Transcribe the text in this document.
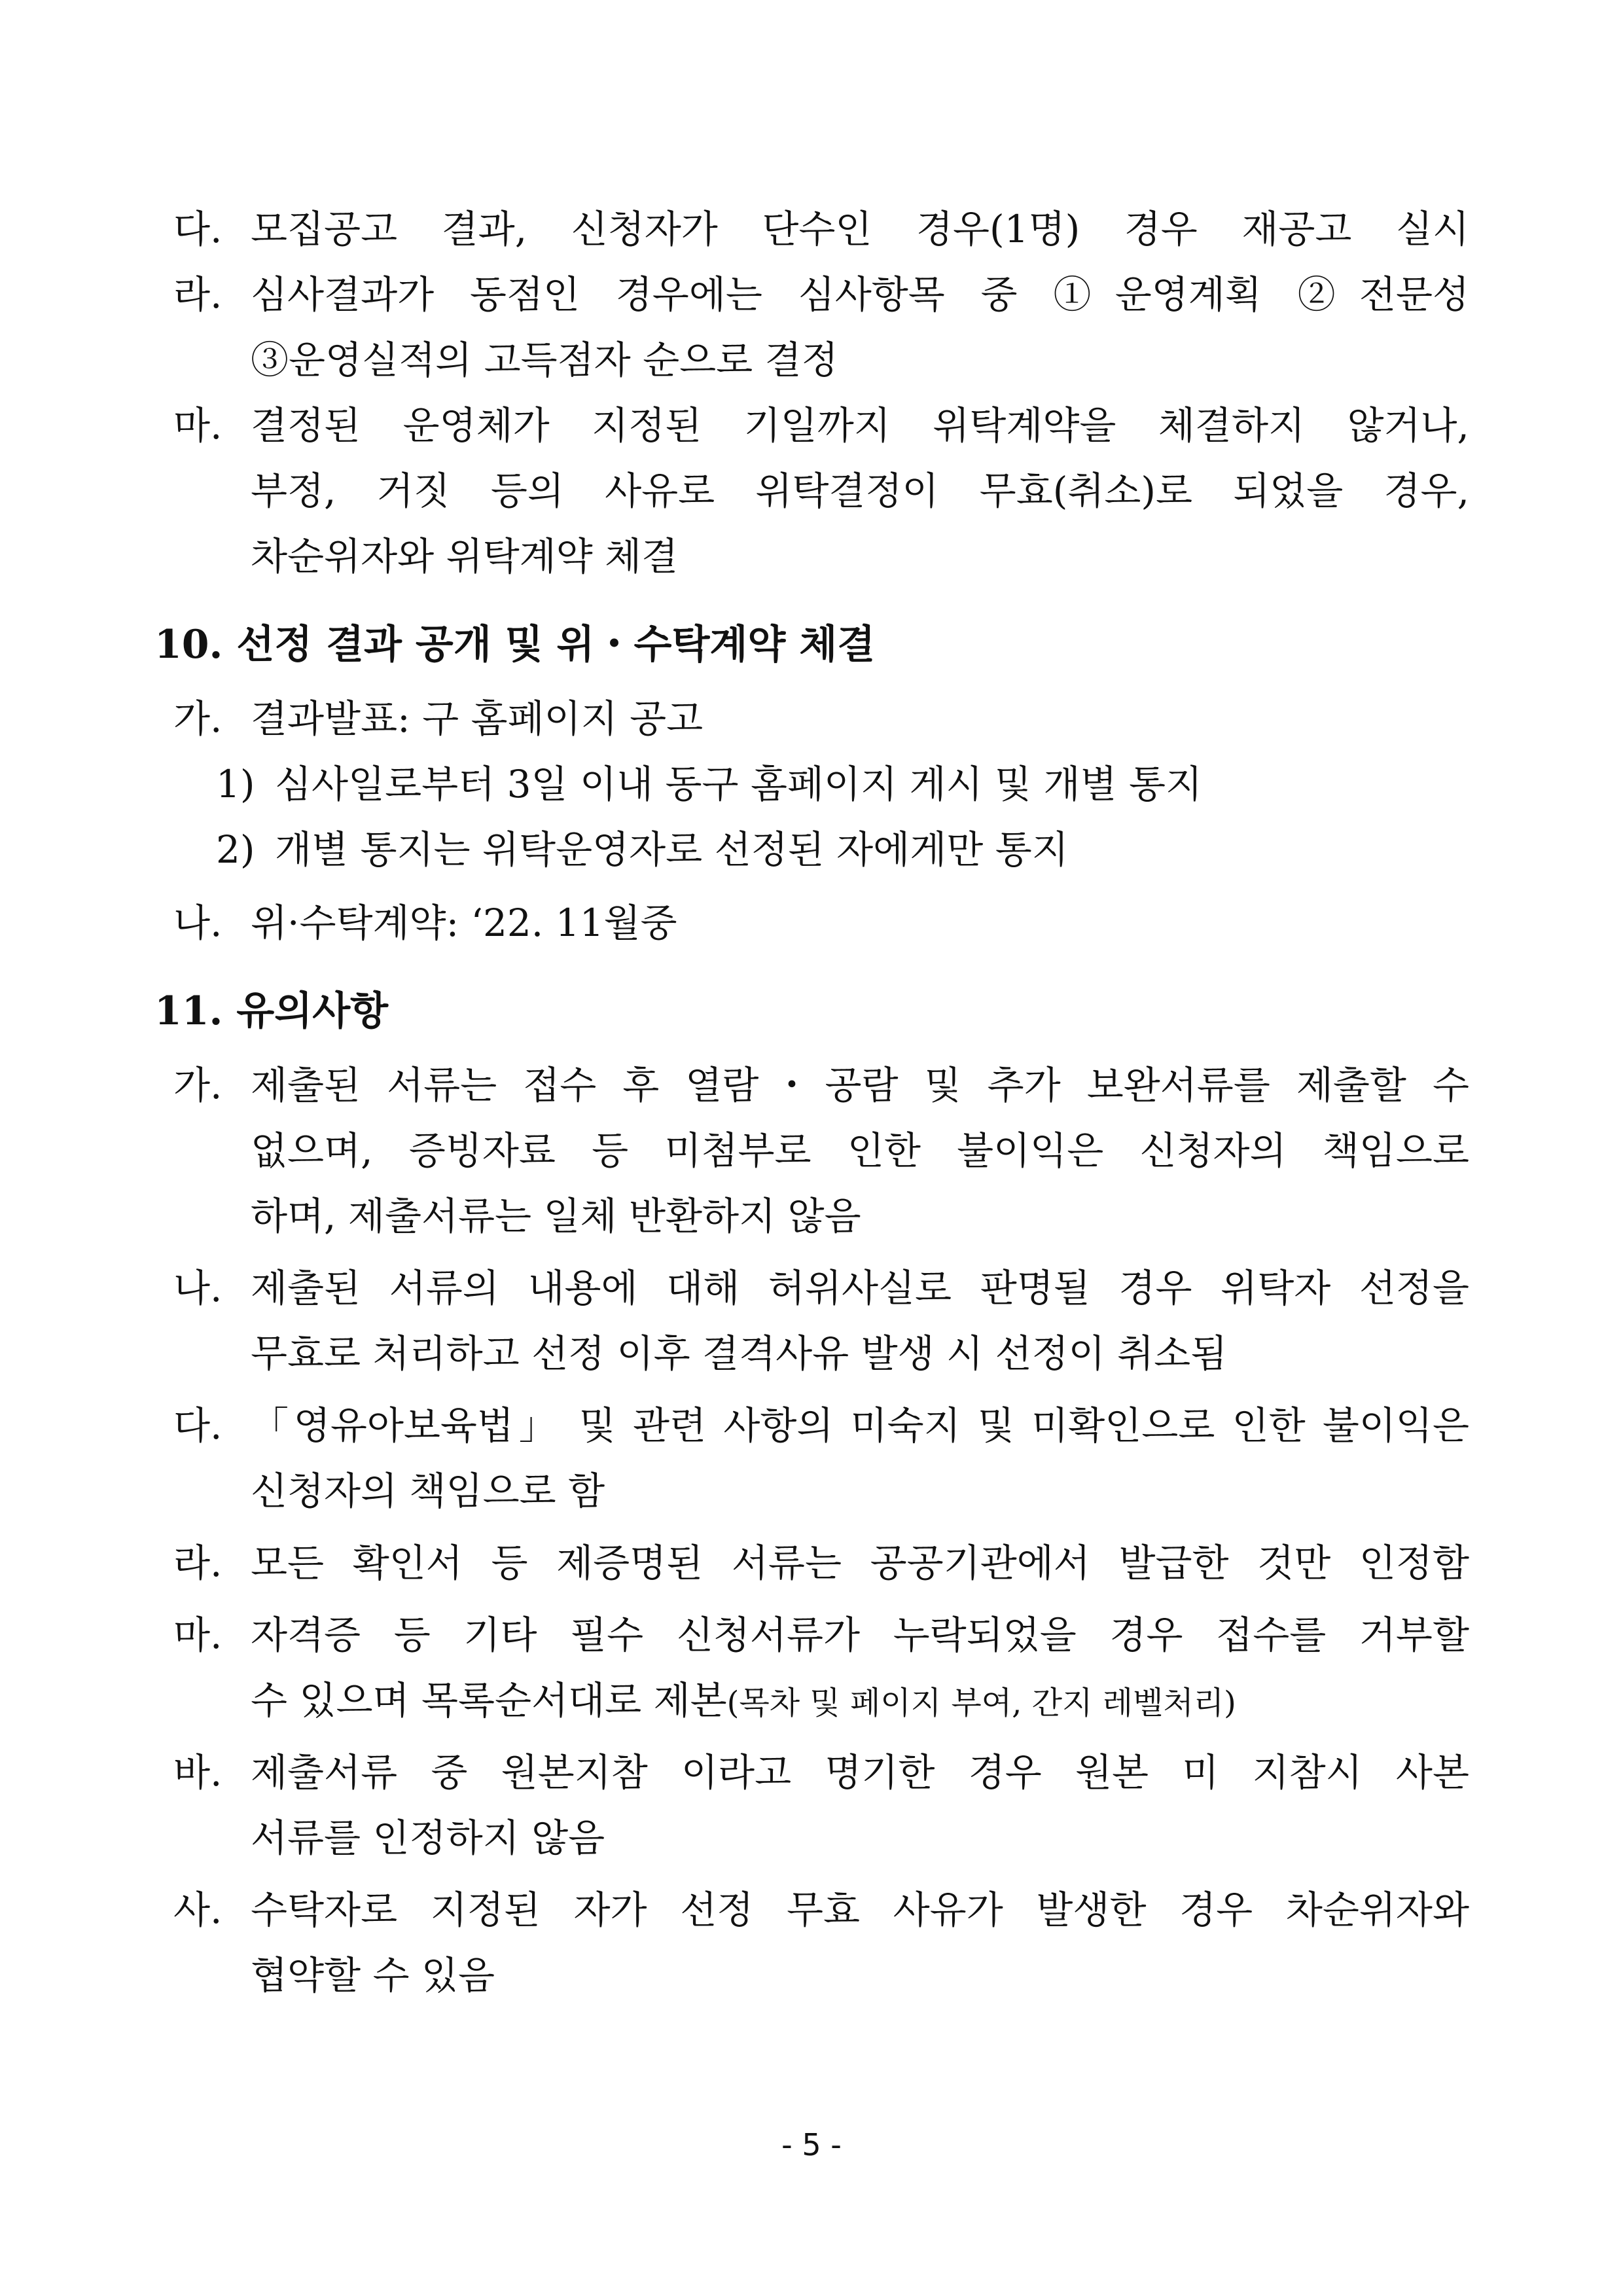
다. 모집공고 결과, 신청자가 단수인 경우(1명) 경우 재공고 실시
라. 심사결과가 동점인 경우에는 심사항목 중 ①운영계획 ②전문성
③운영실적의 고득점자 순으로 결정
마. 결정된 운영체가 지정된 기일까지 위탁계약을 체결하지 않거나,
부정, 거짓 등의 사유로 위탁결정이 무효(취소)로 되었을 경우,
차순위자와 위탁계약 체결
10. 선정 결과 공개 및 위・수탁계약 체결
가. 결과발표: 구 홈페이지 공고
1) 심사일로부터 3일 이내 동구 홈페이지 게시 및 개별 통지
2) 개별 통지는 위탁운영자로 선정된 자에게만 통지
나. 위·수탁계약: ‘22. 11월중
11. 유의사항
가. 제출된 서류는 접수 후 열람・공람 및 추가 보완서류를 제출할 수
없으며, 증빙자료 등 미첨부로 인한 불이익은 신청자의 책임으로
하며, 제출서류는 일체 반환하지 않음
나. 제출된 서류의 내용에 대해 허위사실로 판명될 경우 위탁자 선정을
무효로 처리하고 선정 이후 결격사유 발생 시 선정이 취소됨
다. 「영유아보육법」 및 관련 사항의 미숙지 및 미확인으로 인한 불이익은
신청자의 책임으로 함
라. 모든 확인서 등 제증명된 서류는 공공기관에서 발급한 것만 인정함
마. 자격증 등 기타 필수 신청서류가 누락되었을 경우 접수를 거부할
수 있으며 목록순서대로 제본(목차 및 페이지 부여, 간지 레벨처리)
바. 제출서류 중 원본지참 이라고 명기한 경우 원본 미 지참시 사본
서류를 인정하지 않음
사. 수탁자로 지정된 자가 선정 무효 사유가 발생한 경우 차순위자와
협약할 수 있음
- 5 -
